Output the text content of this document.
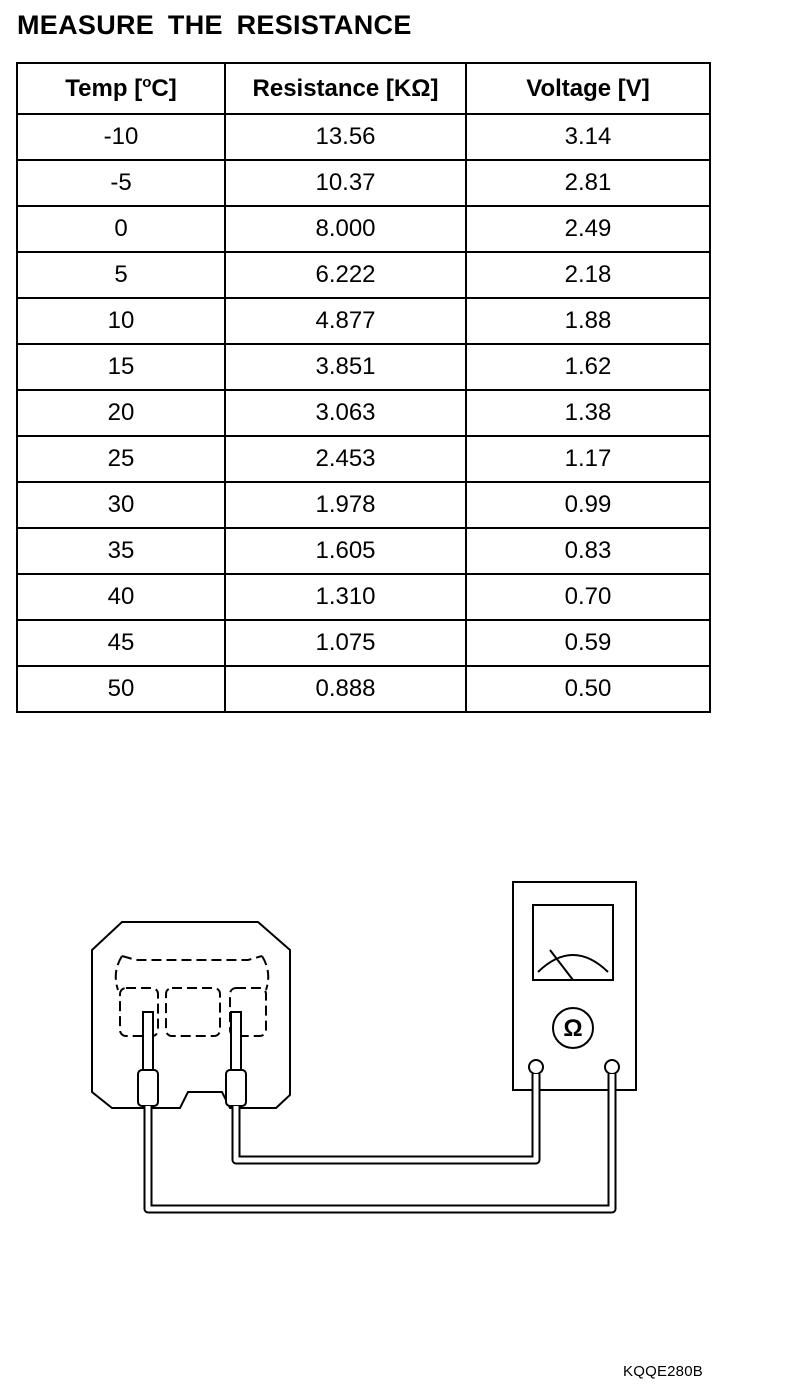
MEASURE THE RESISTANCE
Temp [$^o$C]	Resistance [KΩ]	Voltage [V]
-10	13.56	3.14
-5	10.37	2.81
0	8.000	2.49
5	6.222	2.18
10	4.877	1.88
15	3.851	1.62
20	3.063	1.38
25	2.453	1.17
30	1.978	0.99
35	1.605	0.83
40	1.310	0.70
45	1.075	0.59
50	0.888	0.50
Ω
KQQE280B
